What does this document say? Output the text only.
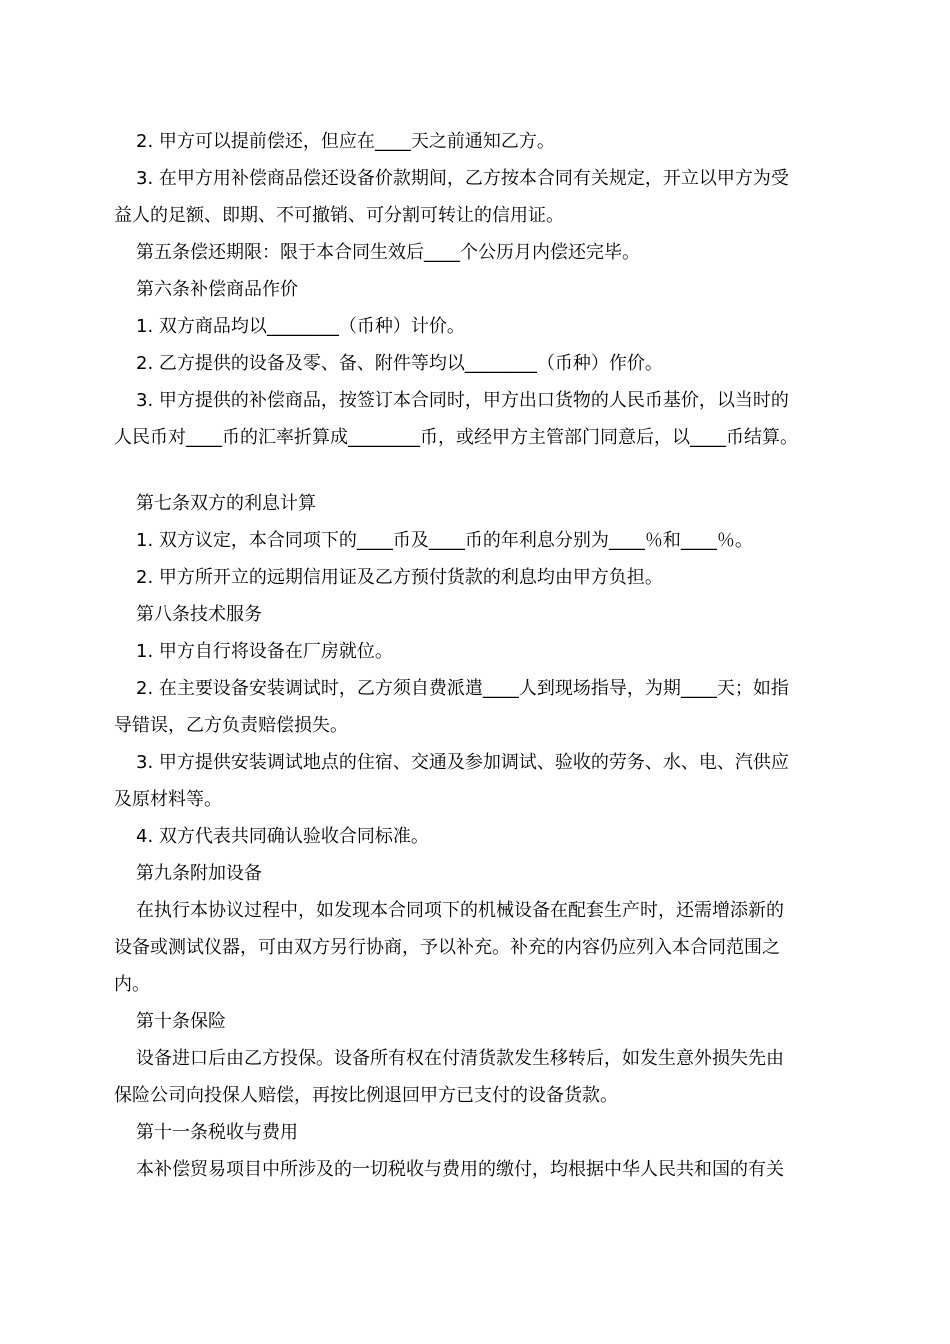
2. 甲方可以提前偿还，但应在____天之前通知乙方。
3. 在甲方用补偿商品偿还设备价款期间，乙方按本合同有关规定，开立以甲方为受
益人的足额、即期、不可撤销、可分割可转让的信用证。
第五条偿还期限：限于本合同生效后____个公历月内偿还完毕。
第六条补偿商品作价
1. 双方商品均以________（币种）计价。
2. 乙方提供的设备及零、备、附件等均以________（币种）作价。
3. 甲方提供的补偿商品，按签订本合同时，甲方出口货物的人民币基价，以当时的
人民币对____币的汇率折算成________币，或经甲方主管部门同意后，以____币结算。
第七条双方的利息计算
1. 双方议定，本合同项下的____币及____币的年利息分别为____％和____％。
2. 甲方所开立的远期信用证及乙方预付货款的利息均由甲方负担。
第八条技术服务
1. 甲方自行将设备在厂房就位。
2. 在主要设备安装调试时，乙方须自费派遣____人到现场指导，为期____天；如指
导错误，乙方负责赔偿损失。
3. 甲方提供安装调试地点的住宿、交通及参加调试、验收的劳务、水、电、汽供应
及原材料等。
4. 双方代表共同确认验收合同标准。
第九条附加设备
在执行本协议过程中，如发现本合同项下的机械设备在配套生产时，还需增添新的
设备或测试仪器，可由双方另行协商，予以补充。补充的内容仍应列入本合同范围之
内。
第十条保险
设备进口后由乙方投保。设备所有权在付清货款发生移转后，如发生意外损失先由
保险公司向投保人赔偿，再按比例退回甲方已支付的设备货款。
第十一条税收与费用
本补偿贸易项目中所涉及的一切税收与费用的缴付，均根据中华人民共和国的有关
